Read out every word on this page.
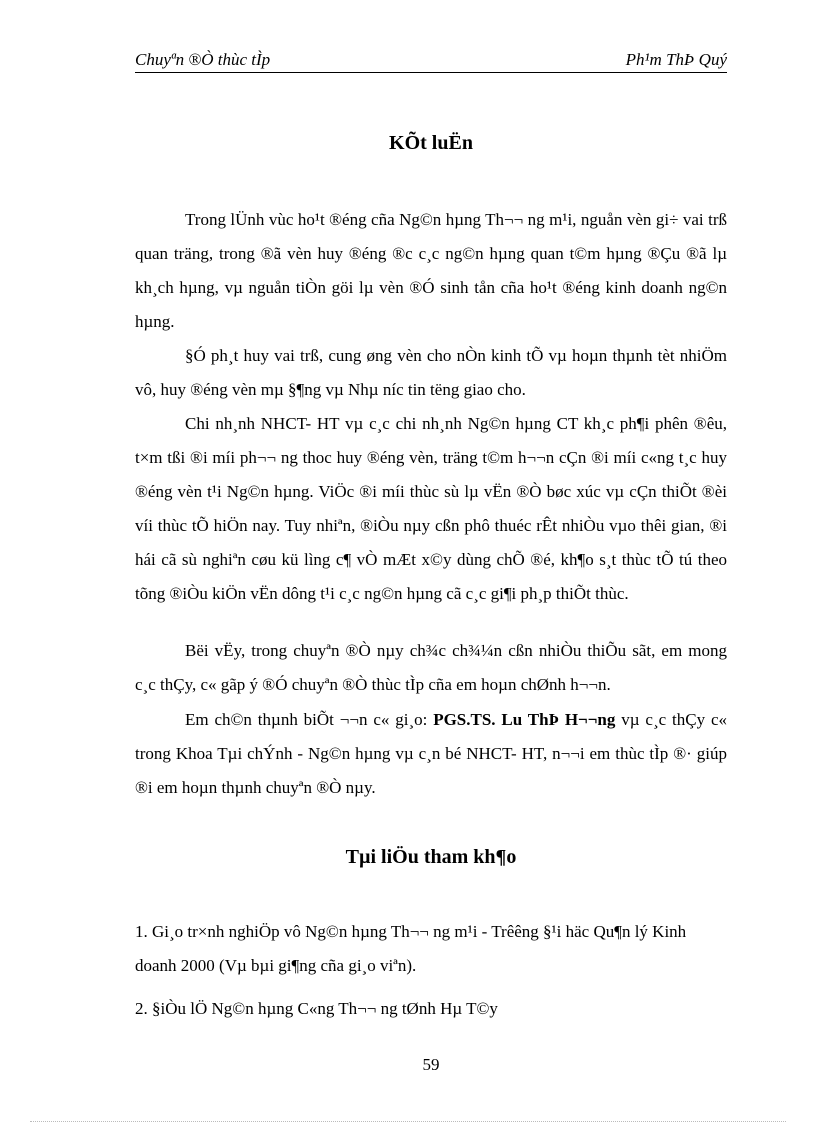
Chuyªn ®Ò thùc tÌp	Ph¹m ThÞ Quý
KÕt luËn

Trong lÜnh vùc ho¹t ®éng cña Ng©n hµng Th¬¬ ng m¹i, nguån vèn gi÷ vai trß quan träng, trong ®ã vèn huy ®éng ®c c¸c ng©n hµng quan t©m hµng ®Çu ®ã lµ kh¸ch hµng, vµ nguån tiÒn göi lµ vèn ®Ó sinh tån cña ho¹t ®éng kinh doanh ng©n hµng.

§Ó ph¸t huy vai trß, cung øng vèn cho nÒn kinh tÕ vµ hoµn thµnh tèt nhiÖm vô, huy ®éng vèn mµ §¶ng vµ Nhµ níc tin tëng giao cho.

Chi nh¸nh NHCT- HT vµ c¸c chi nh¸nh Ng©n hµng CT kh¸c ph¶i phên ®êu, t×m tßi ®i míi ph¬¬ ng thoc huy ®éng vèn, träng t©m h¬¬n cÇn ®i míi c«ng t¸c huy ®éng vèn t¹i Ng©n hµng. ViÖc ®i míi thùc sù lµ vËn ®Ò bøc xúc vµ cÇn thiÕt ®èi víi thùc tÕ hiÖn nay. Tuy nhiªn, ®iÒu nµy cßn phô thuéc rÊt nhiÒu vµo thêi gian, ®i hái cã sù nghiªn cøu kü lìng c¶ vÒ mÆt x©y dùng chÕ ®é, kh¶o s¸t thùc tÕ tú theo tõng ®iÒu kiÖn vËn dông t¹i c¸c ng©n hµng cã c¸c gi¶i ph¸p thiÕt thùc.

Bëi vËy, trong chuyªn ®Ò nµy ch¾c ch¾¼n cßn nhiÒu thiÕu sãt, em mong c¸c thÇy, c« gãp ý ®Ó chuyªn ®Ò thùc tÌp cña em hoµn chØnh h¬¬n.

Em ch©n thµnh biÕt ¬¬n c« gi¸o: PGS.TS. Lu ThÞ H¬¬ng vµ c¸c thÇy c« trong Khoa Tµi chÝnh - Ng©n hµng vµ c¸n bé NHCT- HT, n¬¬i em thùc tÌp ®· giúp ®i em hoµn thµnh chuyªn ®Ò nµy.

Tµi liÖu tham kh¶o

1. Gi¸o tr×nh nghiÖp vô Ng©n hµng Th¬¬ ng m¹i - Trêêng §¹i häc Qu¶n lý Kinh doanh 2000 (Vµ bµi gi¶ng cña gi¸o viªn).

2. §iÒu lÖ Ng©n hµng C«ng Th¬¬ ng tØnh Hµ T©y

59
